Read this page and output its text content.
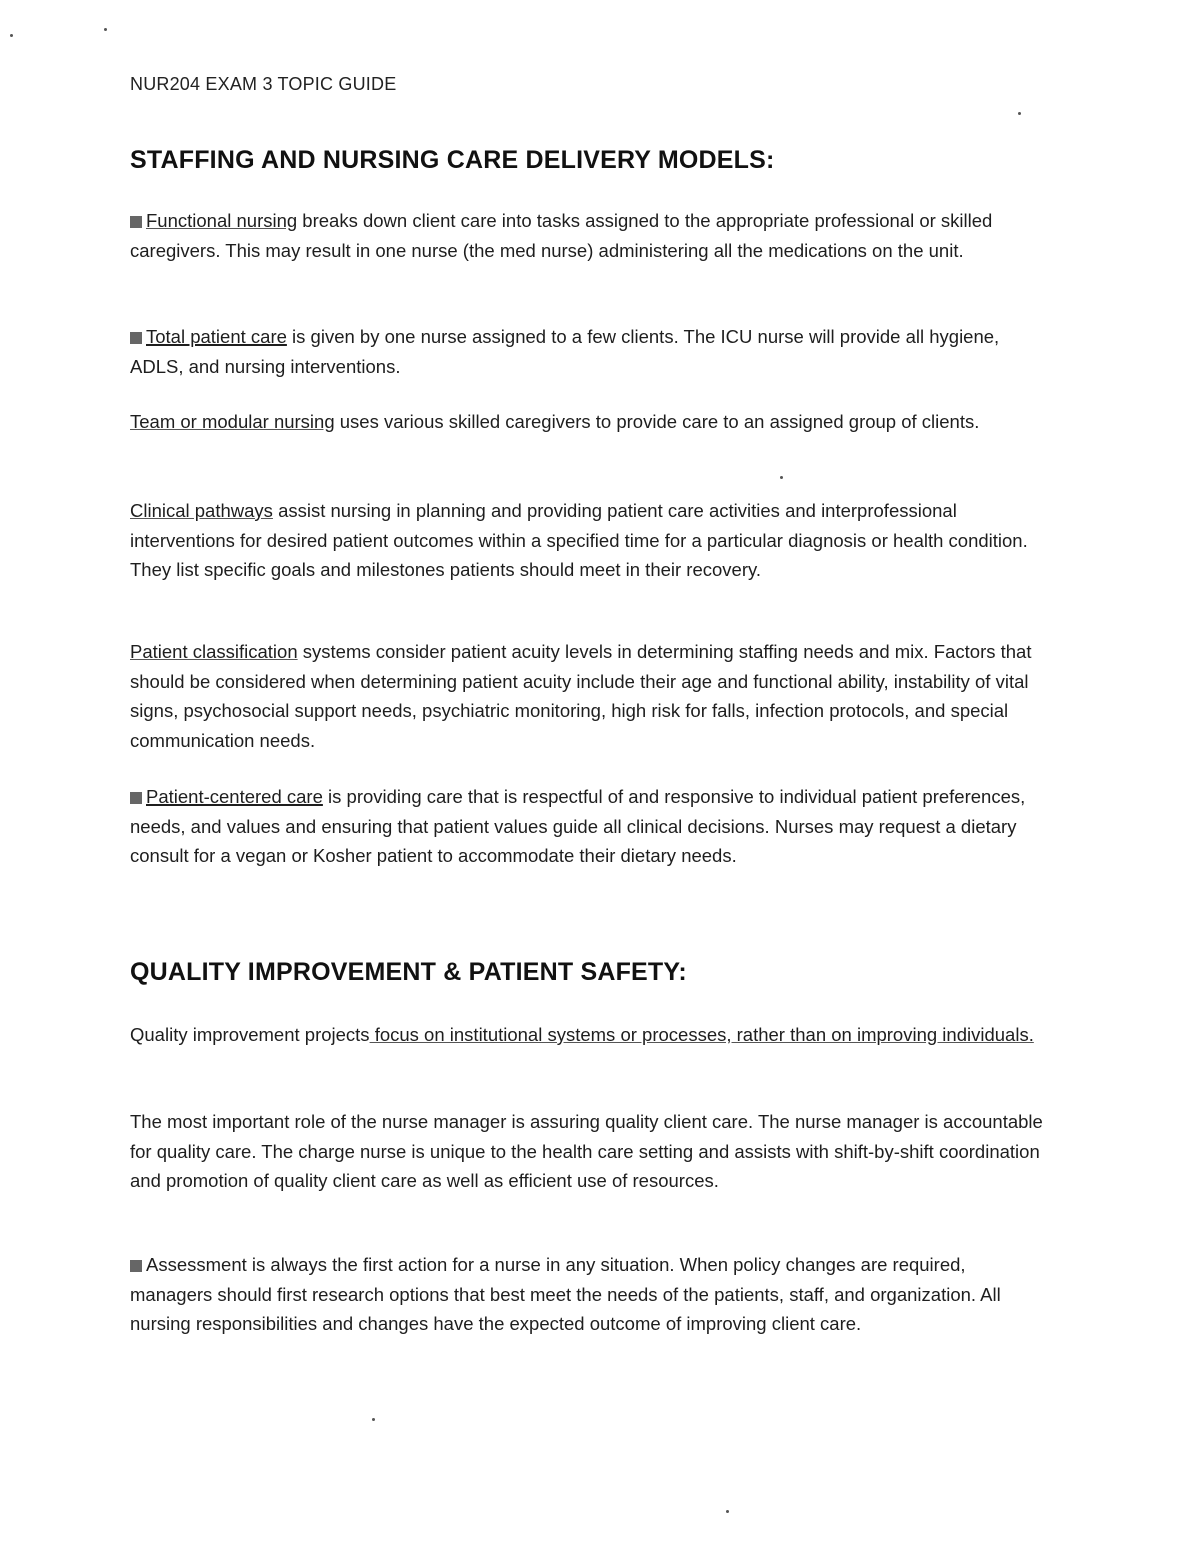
NUR204 EXAM 3 TOPIC GUIDE
STAFFING AND NURSING CARE DELIVERY MODELS:
Functional nursing breaks down client care into tasks assigned to the appropriate professional or skilled caregivers. This may result in one nurse (the med nurse) administering all the medications on the unit.
Total patient care is given by one nurse assigned to a few clients. The ICU nurse will provide all hygiene, ADLS, and nursing interventions.
Team or modular nursing uses various skilled caregivers to provide care to an assigned group of clients.
Clinical pathways assist nursing in planning and providing patient care activities and interprofessional interventions for desired patient outcomes within a specified time for a particular diagnosis or health condition. They list specific goals and milestones patients should meet in their recovery.
Patient classification systems consider patient acuity levels in determining staffing needs and mix. Factors that should be considered when determining patient acuity include their age and functional ability, instability of vital signs, psychosocial support needs, psychiatric monitoring, high risk for falls, infection protocols, and special communication needs.
Patient-centered care is providing care that is respectful of and responsive to individual patient preferences, needs, and values and ensuring that patient values guide all clinical decisions. Nurses may request a dietary consult for a vegan or Kosher patient to accommodate their dietary needs.
QUALITY IMPROVEMENT & PATIENT SAFETY:
Quality improvement projects focus on institutional systems or processes, rather than on improving individuals.
The most important role of the nurse manager is assuring quality client care. The nurse manager is accountable for quality care. The charge nurse is unique to the health care setting and assists with shift-by-shift coordination and promotion of quality client care as well as efficient use of resources.
Assessment is always the first action for a nurse in any situation. When policy changes are required, managers should first research options that best meet the needs of the patients, staff, and organization. All nursing responsibilities and changes have the expected outcome of improving client care.
